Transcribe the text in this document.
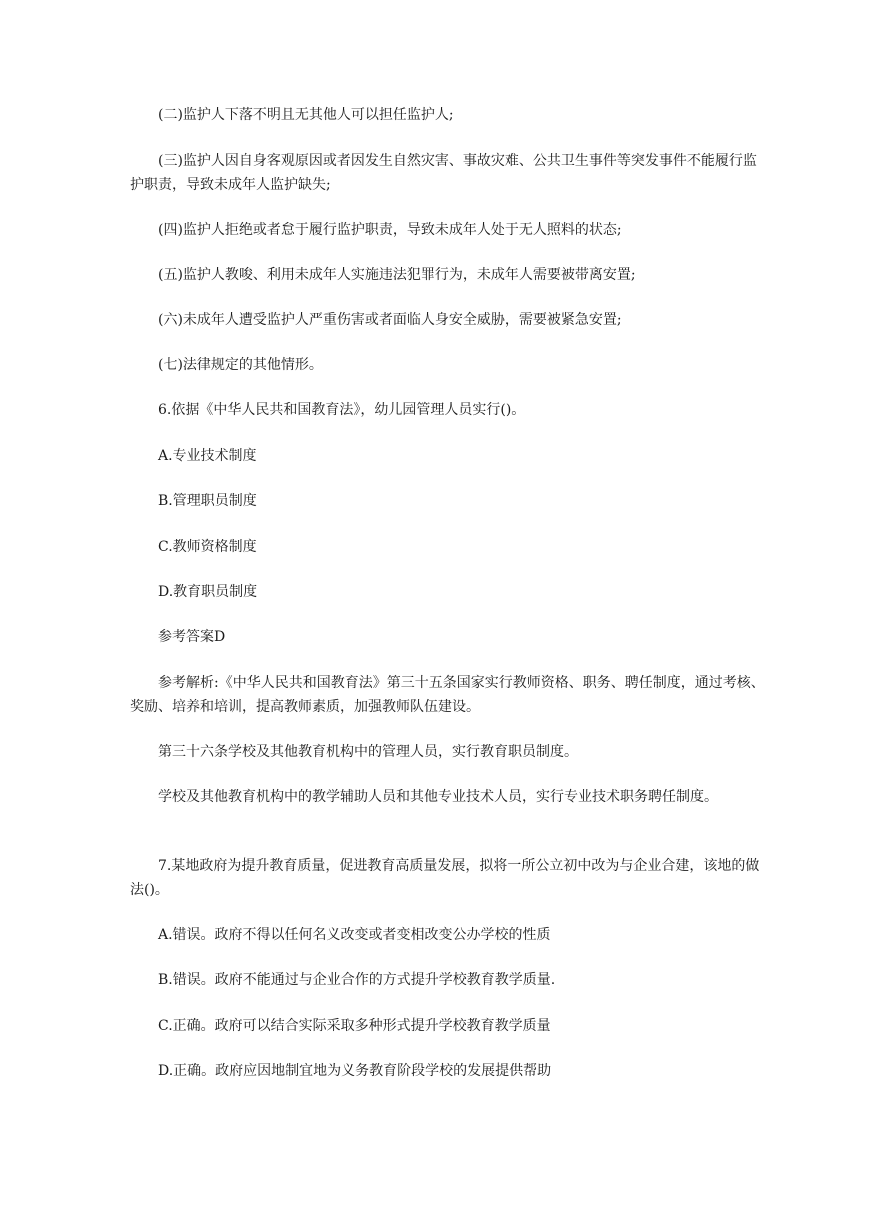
(二)监护人下落不明且无其他人可以担任监护人;

(三)监护人因自身客观原因或者因发生自然灾害、事故灾难、公共卫生事件等突发事件不能履行监护职责，导致未成年人监护缺失;

(四)监护人拒绝或者怠于履行监护职责，导致未成年人处于无人照料的状态;

(五)监护人教唆、利用未成年人实施违法犯罪行为，未成年人需要被带离安置;

(六)未成年人遭受监护人严重伤害或者面临人身安全威胁，需要被紧急安置;

(七)法律规定的其他情形。

6.依据《中华人民共和国教育法》，幼儿园管理人员实行()。

A.专业技术制度

B.管理职员制度

C.教师资格制度

D.教育职员制度

参考答案D

参考解析:《中华人民共和国教育法》第三十五条国家实行教师资格、职务、聘任制度，通过考核、奖励、培养和培训，提高教师素质，加强教师队伍建设。

第三十六条学校及其他教育机构中的管理人员，实行教育职员制度。

学校及其他教育机构中的教学辅助人员和其他专业技术人员，实行专业技术职务聘任制度。

7.某地政府为提升教育质量，促进教育高质量发展，拟将一所公立初中改为与企业合建，该地的做法()。

A.错误。政府不得以任何名义改变或者变相改变公办学校的性质

B.错误。政府不能通过与企业合作的方式提升学校教育教学质量.

C.正确。政府可以结合实际采取多种形式提升学校教育教学质量

D.正确。政府应因地制宜地为义务教育阶段学校的发展提供帮助
